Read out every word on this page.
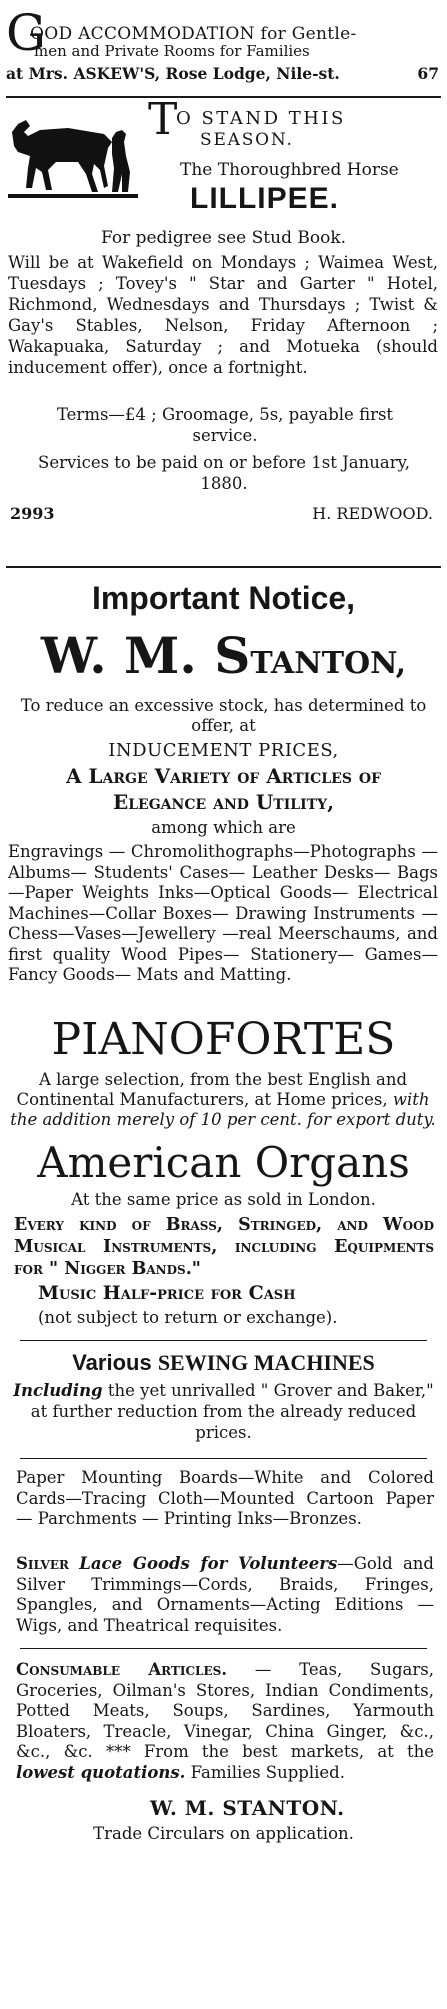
G

OOD ACCOMMODATION for Gentle-

men and Private Rooms for Families

at Mrs. ASKEW'S, Rose Lodge, Nile-st.	67
T

O STAND THIS

SEASON.

The Thoroughbred Horse

LILLIPEE.

For pedigree see Stud Book.

Will be at Wakefield on Mondays ; Waimea West, Tuesdays ; Tovey's " Star and Garter " Hotel, Richmond, Wednesdays and Thursdays ; Twist & Gay's Stables, Nelson, Friday Afternoon ; Wakapuaka, Saturday ; and Motueka (should inducement offer), once a fortnight.

Terms—£4 ; Groomage, 5s, payable first service.

Services to be paid on or before 1st January, 1880.

2993	H. REDWOOD.

Important Notice,

W. M. STANTON,

To reduce an excessive stock, has determined to offer, at

INDUCEMENT PRICES,

A Large Variety of Articles of

Elegance and Utility,

among which are

Engravings — Chromolithographs—Photographs — Albums— Students' Cases— Leather Desks— Bags—Paper Weights Inks—Optical Goods— Electrical Machines—Collar Boxes— Drawing Instruments — Chess—Vases—Jewellery —real Meerschaums, and first quality Wood Pipes— Stationery— Games— Fancy Goods— Mats and Matting.

PIANOFORTES

A large selection, from the best English and Continental Manufacturers, at Home prices, with the addition merely of 10 per cent. for export duty.

American Organs

At the same price as sold in London.

Every kind of Brass, Stringed, and Wood Musical Instruments, including Equipments for " Nigger Bands."

Music Half-price for Cash

(not subject to return or exchange).

Various SEWING MACHINES

Including the yet unrivalled " Grover and Baker," at further reduction from the already reduced prices.

Paper Mounting Boards—White and Colored Cards—Tracing Cloth—Mounted Cartoon Paper — Parchments — Printing Inks—Bronzes.

Silver Lace Goods for Volunteers—Gold and Silver Trimmings—Cords, Braids, Fringes, Spangles, and Ornaments—Acting Editions —Wigs, and Theatrical requisites.

Consumable Articles. — Teas, Sugars, Groceries, Oilman's Stores, Indian Condiments, Potted Meats, Soups, Sardines, Yarmouth Bloaters, Treacle, Vinegar, China Ginger, &c., &c., &c. *** From the best markets, at the lowest quotations. Families Supplied.

W. M. STANTON.

Trade Circulars on application.
